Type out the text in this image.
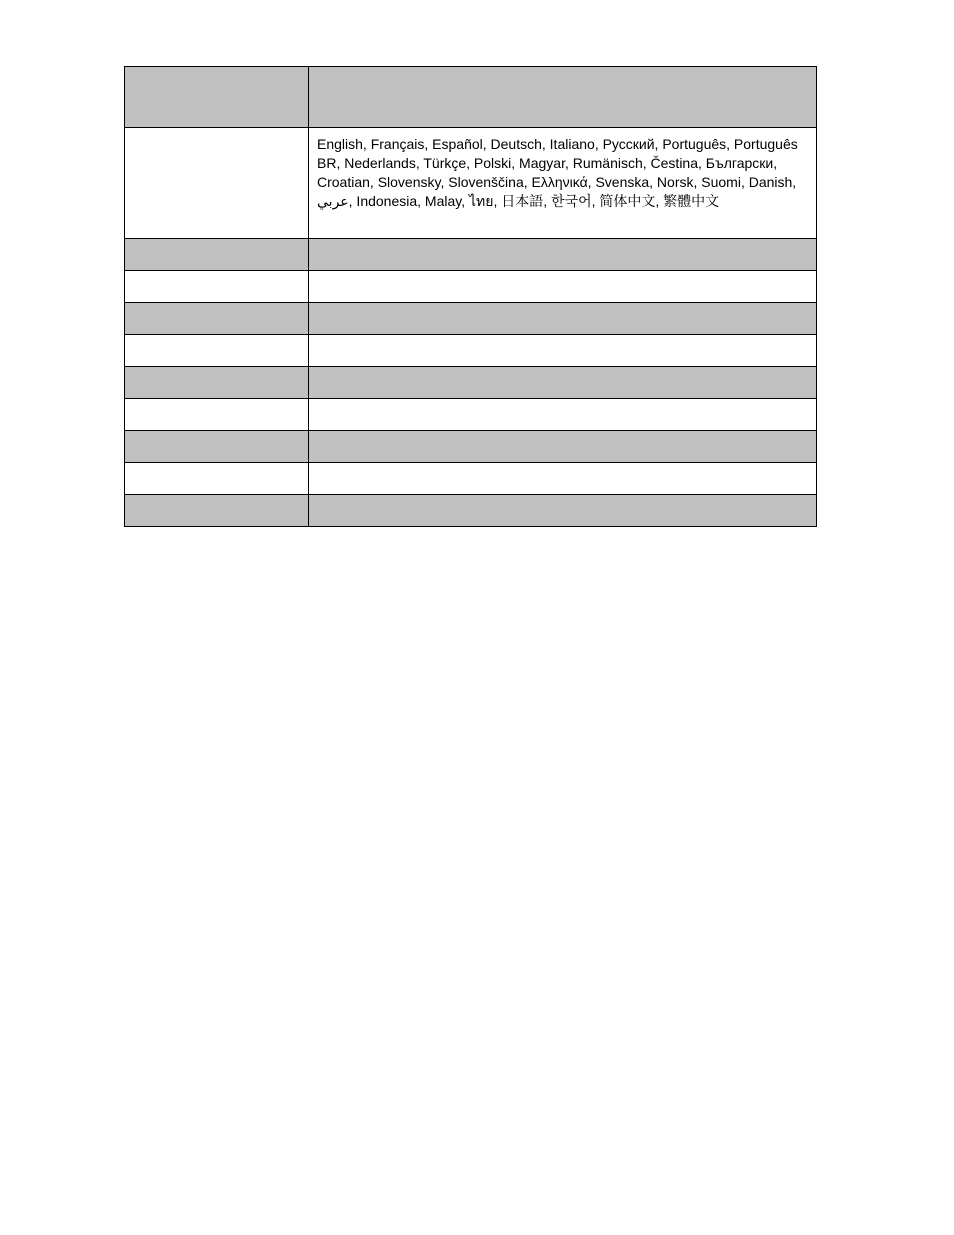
	English, Français, Español, Deutsch, Italiano, Русский, Português, Português BR, Nederlands, Türkçe, Polski, Magyar, Rumänisch, Čestina, Български, Croatian, Slovensky, Slovenščina, Ελληνικά, Svenska, Norsk, Suomi, Danish, عربي, Indonesia, Malay, ไทย, 日本語, 한국어, 简体中文, 繁體中文
